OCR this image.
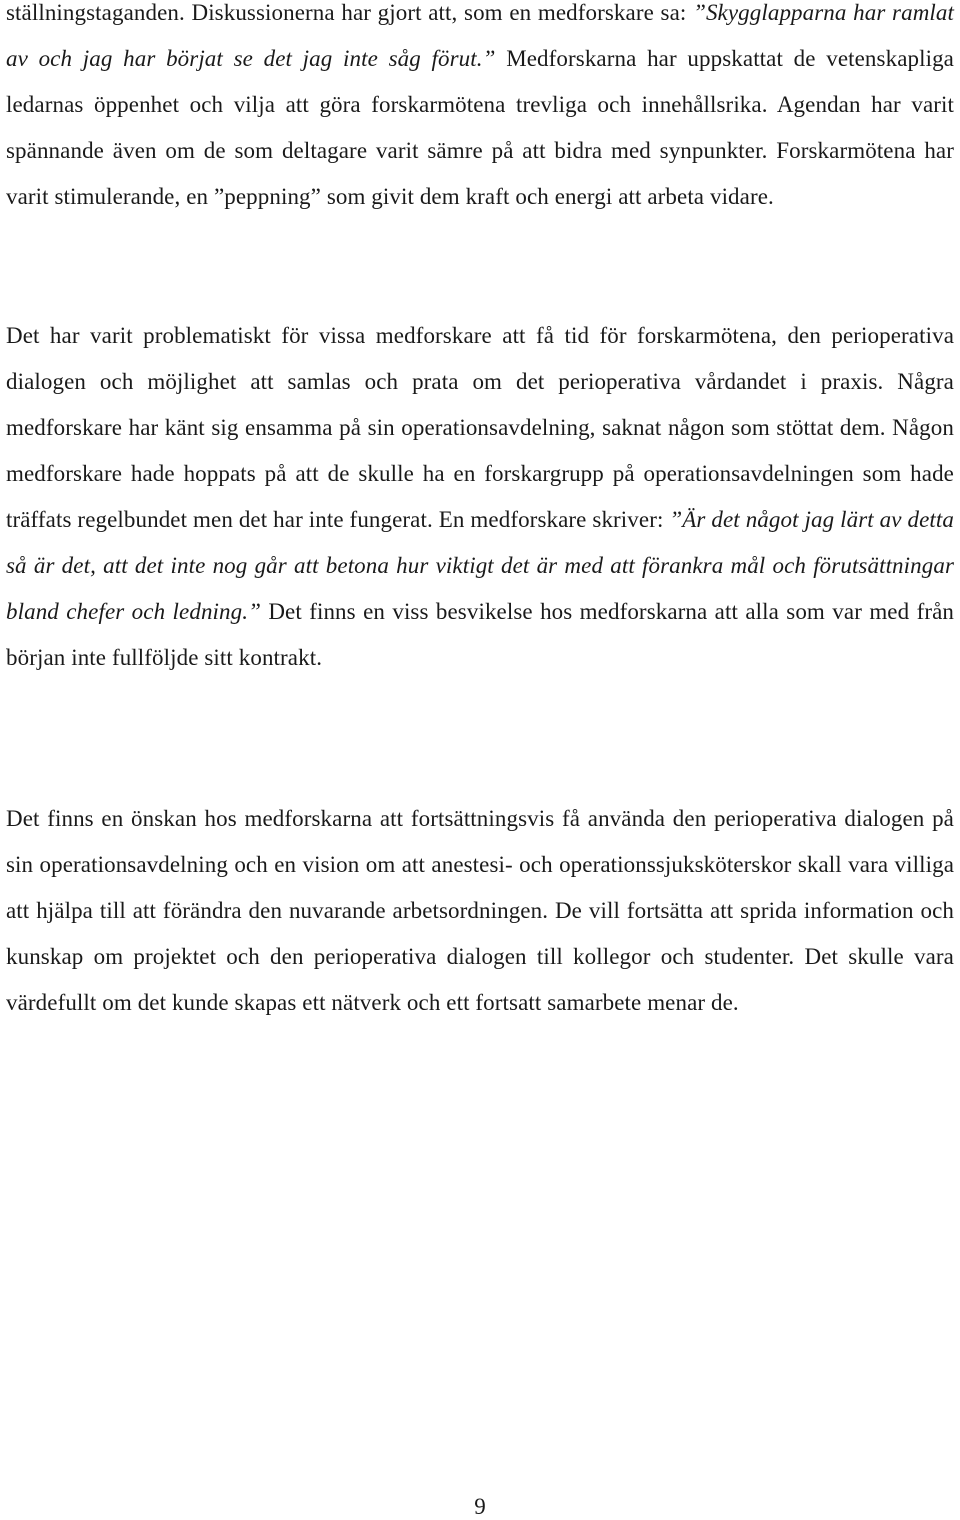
ställningstaganden. Diskussionerna har gjort att, som en medforskare sa: ”Skygglapparna har ramlat av och jag har börjat se det jag inte såg förut.” Medforskarna har uppskattat de vetenskapliga ledarnas öppenhet och vilja att göra forskarmötena trevliga och innehållsrika. Agendan har varit spännande även om de som deltagare varit sämre på att bidra med synpunkter. Forskarmötena har varit stimulerande, en ”peppning” som givit dem kraft och energi att arbeta vidare.

Det har varit problematiskt för vissa medforskare att få tid för forskarmötena, den perioperativa dialogen och möjlighet att samlas och prata om det perioperativa vårdandet i praxis. Några medforskare har känt sig ensamma på sin operationsavdelning, saknat någon som stöttat dem. Någon medforskare hade hoppats på att de skulle ha en forskargrupp på operationsavdelningen som hade träffats regelbundet men det har inte fungerat. En medforskare skriver: ”Är det något jag lärt av detta så är det, att det inte nog går att betona hur viktigt det är med att förankra mål och förutsättningar bland chefer och ledning.” Det finns en viss besvikelse hos medforskarna att alla som var med från början inte fullföljde sitt kontrakt.

Det finns en önskan hos medforskarna att fortsättningsvis få använda den perioperativa dialogen på sin operationsavdelning och en vision om att anestesi- och operationssjuksköterskor skall vara villiga att hjälpa till att förändra den nuvarande arbetsordningen. De vill fortsätta att sprida information och kunskap om projektet och den perioperativa dialogen till kollegor och studenter. Det skulle vara värdefullt om det kunde skapas ett nätverk och ett fortsatt samarbete menar de.

9
